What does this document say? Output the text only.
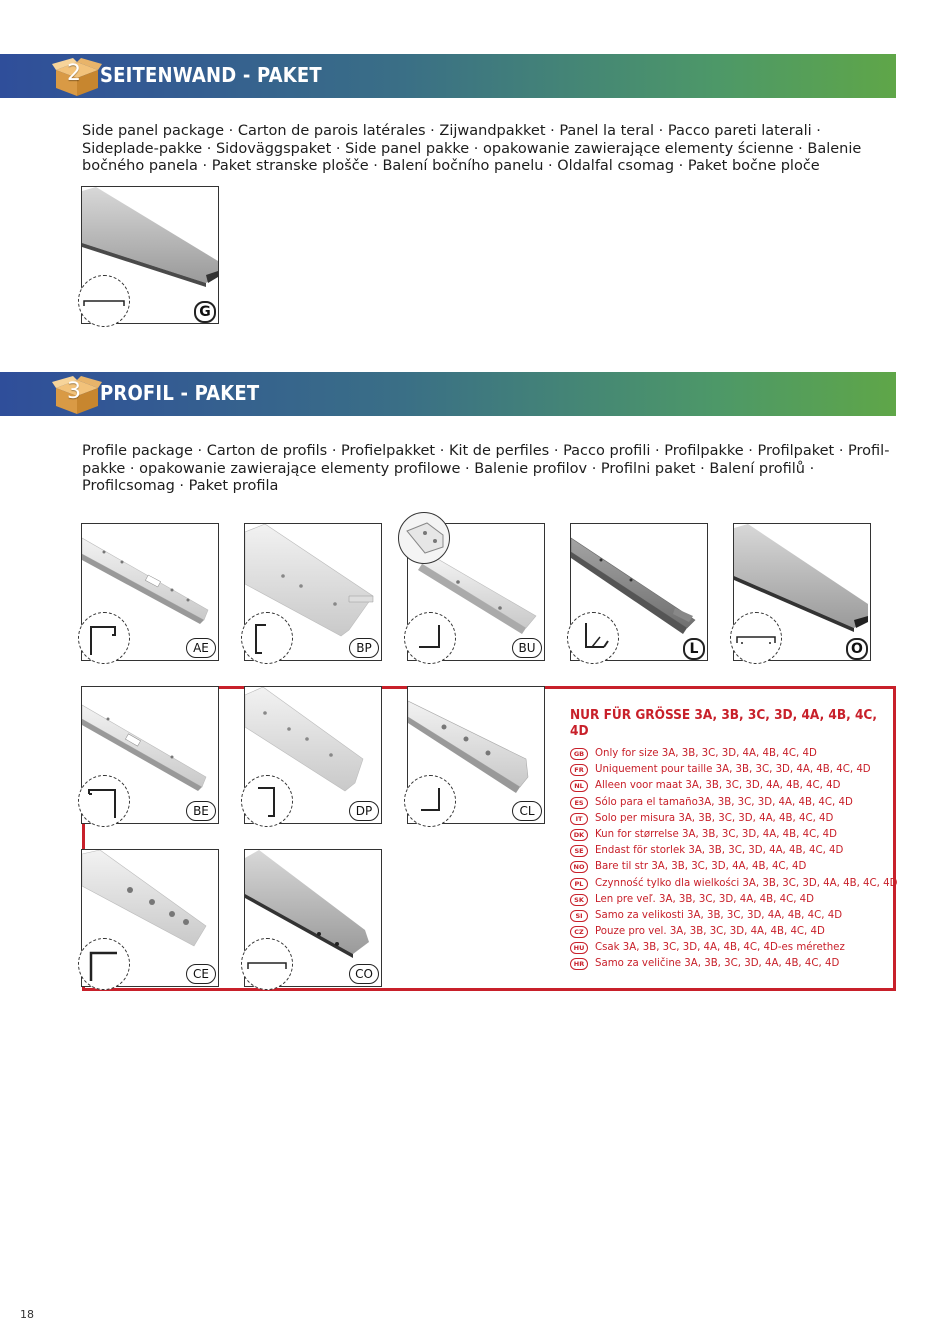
2 SEITENWAND - PAKET
Side panel package · Carton de parois latérales · Zijwandpakket · Panel la teral · Pacco pareti laterali · Sideplade-pakke · Sidoväggspaket · Side panel pakke · opakowanie zawierające elementy ścienne · Balenie bočného panela · Paket stranske plošče · Balení bočního panelu · Oldalfal csomag · Paket bočne ploče
G
3 PROFIL - PAKET
Profile package · Carton de profils · Profielpakket · Kit de perfiles · Pacco profili · Profilpakke · Profilpaket · Profil-pakke · opakowanie zawierające elementy profilowe · Balenie profilov · Profilni paket · Balení profilů · Profilcsomag · Paket profila
AE	BP	BU	L	O
BE	DP	CL
CE	CO
NUR FÜR GRÖSSE 3A, 3B, 3C, 3D, 4A, 4B, 4C, 4D
GB	Only for size 3A, 3B, 3C, 3D, 4A, 4B, 4C, 4D
FR	Uniquement pour taille 3A, 3B, 3C, 3D, 4A, 4B, 4C, 4D
NL	Alleen voor maat 3A, 3B, 3C, 3D, 4A, 4B, 4C, 4D
ES	Sólo para el tamaño3A, 3B, 3C, 3D, 4A, 4B, 4C, 4D
IT	Solo per misura 3A, 3B, 3C, 3D, 4A, 4B, 4C, 4D
DK	Kun for størrelse 3A, 3B, 3C, 3D, 4A, 4B, 4C, 4D
SE	Endast för storlek 3A, 3B, 3C, 3D, 4A, 4B, 4C, 4D
NO	Bare til str 3A, 3B, 3C, 3D, 4A, 4B, 4C, 4D
PL	Czynność tylko dla wielkości 3A, 3B, 3C, 3D, 4A, 4B, 4C, 4D
SK	Len pre veľ. 3A, 3B, 3C, 3D, 4A, 4B, 4C, 4D
SI	Samo za velikosti 3A, 3B, 3C, 3D, 4A, 4B, 4C, 4D
CZ	Pouze pro vel. 3A, 3B, 3C, 3D, 4A, 4B, 4C, 4D
HU	Csak 3A, 3B, 3C, 3D, 4A, 4B, 4C, 4D-es mérethez
HR	Samo za veličine 3A, 3B, 3C, 3D, 4A, 4B, 4C, 4D
18
